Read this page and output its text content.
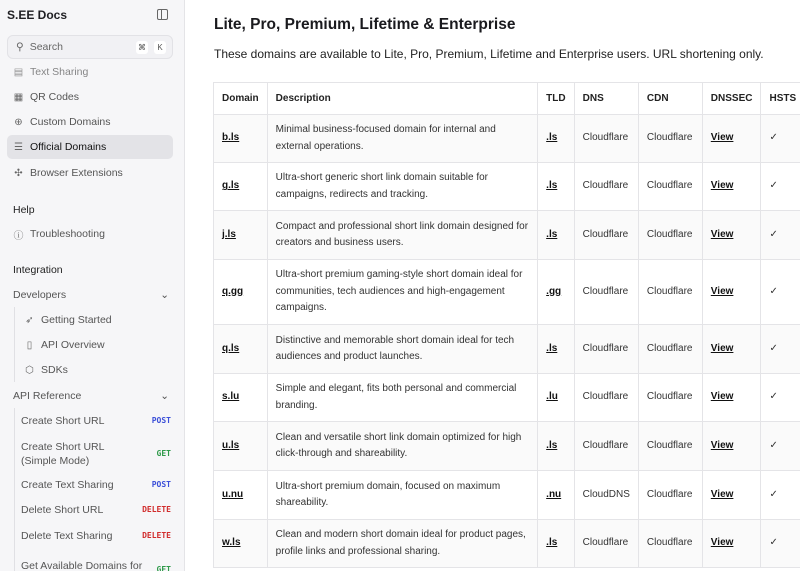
S.EE Docs
⚲ Search	⌘	K
▤ Text Sharing
▦ QR Codes
⊕ Custom Domains
☰ Official Domains
✣ Browser Extensions
Help
ⓘ Troubleshooting
Integration
Developers	⌄
➶ Getting Started
▯ API Overview
⬡ SDKs
API Reference	⌄
Create Short URL	POST
Create Short URL (Simple Mode)
GET
Create Text Sharing	POST
Delete Short URL	DELETE
Delete Text Sharing	DELETE
Get Available Domains for GET
Lite, Pro, Premium, Lifetime & Enterprise

These domains are available to Lite, Pro, Premium, Lifetime and Enterprise users. URL shortening only.

Domain	Description	TLD	DNS	CDN	DNSSEC	HSTS
b.ls	Minimal business-focused domain for internal and external operations.	.ls	Cloudflare	Cloudflare	View	✓
g.ls	Ultra-short generic short link domain suitable for campaigns, redirects and tracking.	.ls	Cloudflare	Cloudflare	View	✓
j.ls	Compact and professional short link domain designed for creators and business users.	.ls	Cloudflare	Cloudflare	View	✓
q.gg	Ultra-short premium gaming-style short domain ideal for communities, tech audiences and high-engagement campaigns.	.gg	Cloudflare	Cloudflare	View	✓
q.ls	Distinctive and memorable short domain ideal for tech audiences and product launches.	.ls	Cloudflare	Cloudflare	View	✓
s.lu	Simple and elegant, fits both personal and commercial branding.	.lu	Cloudflare	Cloudflare	View	✓
u.ls	Clean and versatile short link domain optimized for high click-through and shareability.	.ls	Cloudflare	Cloudflare	View	✓
u.nu	Ultra-short premium domain, focused on maximum shareability.	.nu	CloudDNS	Cloudflare	View	✓
w.ls	Clean and modern short domain ideal for product pages, profile links and professional sharing.	.ls	Cloudflare	Cloudflare	View	✓
